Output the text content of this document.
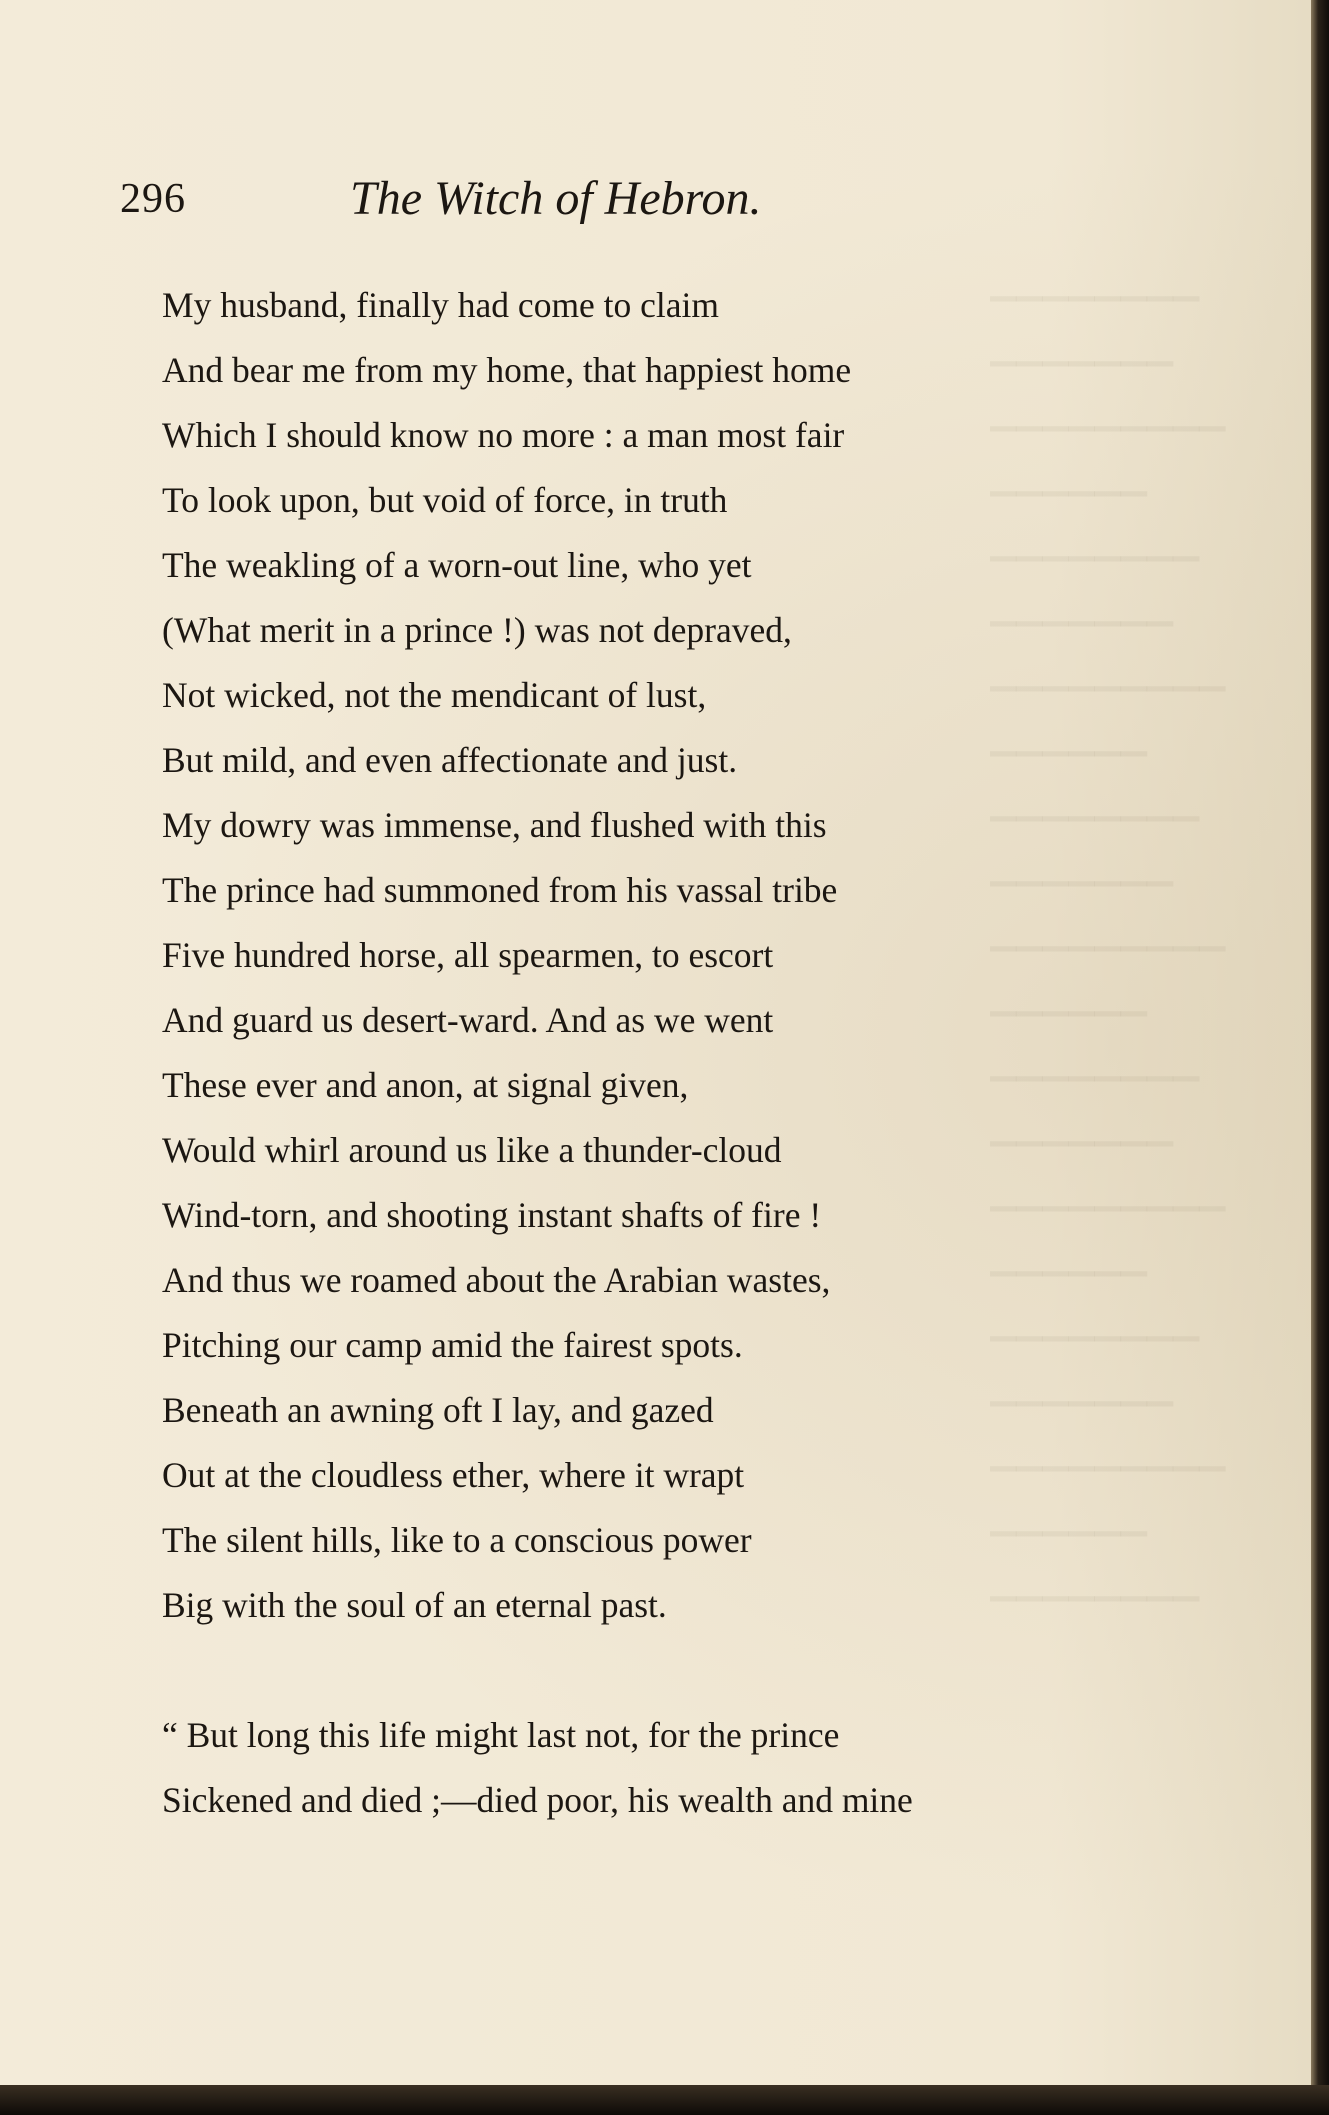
▁▁▁▁▁▁▁▁
▁▁▁▁▁▁▁
▁▁▁▁▁▁▁▁▁
▁▁▁▁▁▁
▁▁▁▁▁▁▁▁
▁▁▁▁▁▁▁
▁▁▁▁▁▁▁▁▁
▁▁▁▁▁▁
▁▁▁▁▁▁▁▁
▁▁▁▁▁▁▁
▁▁▁▁▁▁▁▁▁
▁▁▁▁▁▁
▁▁▁▁▁▁▁▁
▁▁▁▁▁▁▁
▁▁▁▁▁▁▁▁▁
▁▁▁▁▁▁
▁▁▁▁▁▁▁▁
▁▁▁▁▁▁▁
▁▁▁▁▁▁▁▁▁
▁▁▁▁▁▁
▁▁▁▁▁▁▁▁
296	The Witch of Hebron.
My husband, finally had come to claim
And bear me from my home, that happiest home
Which I should know no more : a man most fair
To look upon, but void of force, in truth
The weakling of a worn-out line, who yet
(What merit in a prince !) was not depraved,
Not wicked, not the mendicant of lust,
But mild, and even affectionate and just.
My dowry was immense, and flushed with this
The prince had summoned from his vassal tribe
Five hundred horse, all spearmen, to escort
And guard us desert-ward. And as we went
These ever and anon, at signal given,
Would whirl around us like a thunder-cloud
Wind-torn, and shooting instant shafts of fire !
And thus we roamed about the Arabian wastes,
Pitching our camp amid the fairest spots.
Beneath an awning oft I lay, and gazed
Out at the cloudless ether, where it wrapt
The silent hills, like to a conscious power
Big with the soul of an eternal past.
“ But long this life might last not, for the prince
Sickened and died ;—died poor, his wealth and mine
